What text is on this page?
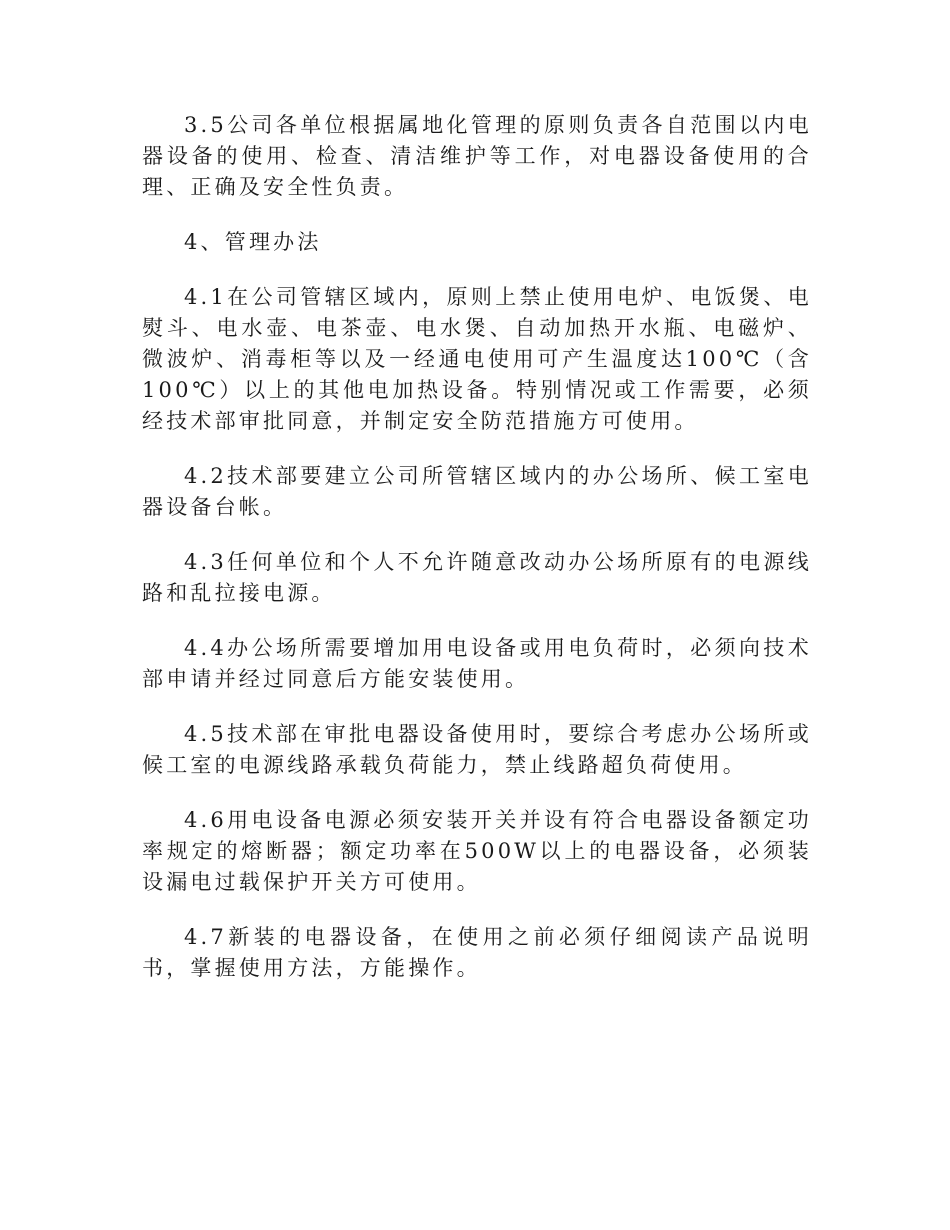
3.5公司各单位根据属地化管理的原则负责各自范围以内电器设备的使用、检查、清洁维护等工作，对电器设备使用的合理、正确及安全性负责。

4、管理办法

4.1在公司管辖区域内，原则上禁止使用电炉、电饭煲、电熨斗、电水壶、电茶壶、电水煲、自动加热开水瓶、电磁炉、微波炉、消毒柜等以及一经通电使用可产生温度达100℃（含100℃）以上的其他电加热设备。特别情况或工作需要，必须经技术部审批同意，并制定安全防范措施方可使用。

4.2技术部要建立公司所管辖区域内的办公场所、候工室电器设备台帐。

4.3任何单位和个人不允许随意改动办公场所原有的电源线路和乱拉接电源。

4.4办公场所需要增加用电设备或用电负荷时，必须向技术部申请并经过同意后方能安装使用。

4.5技术部在审批电器设备使用时，要综合考虑办公场所或候工室的电源线路承载负荷能力，禁止线路超负荷使用。

4.6用电设备电源必须安装开关并设有符合电器设备额定功率规定的熔断器；额定功率在500W以上的电器设备，必须装设漏电过载保护开关方可使用。

4.7新装的电器设备，在使用之前必须仔细阅读产品说明书，掌握使用方法，方能操作。
